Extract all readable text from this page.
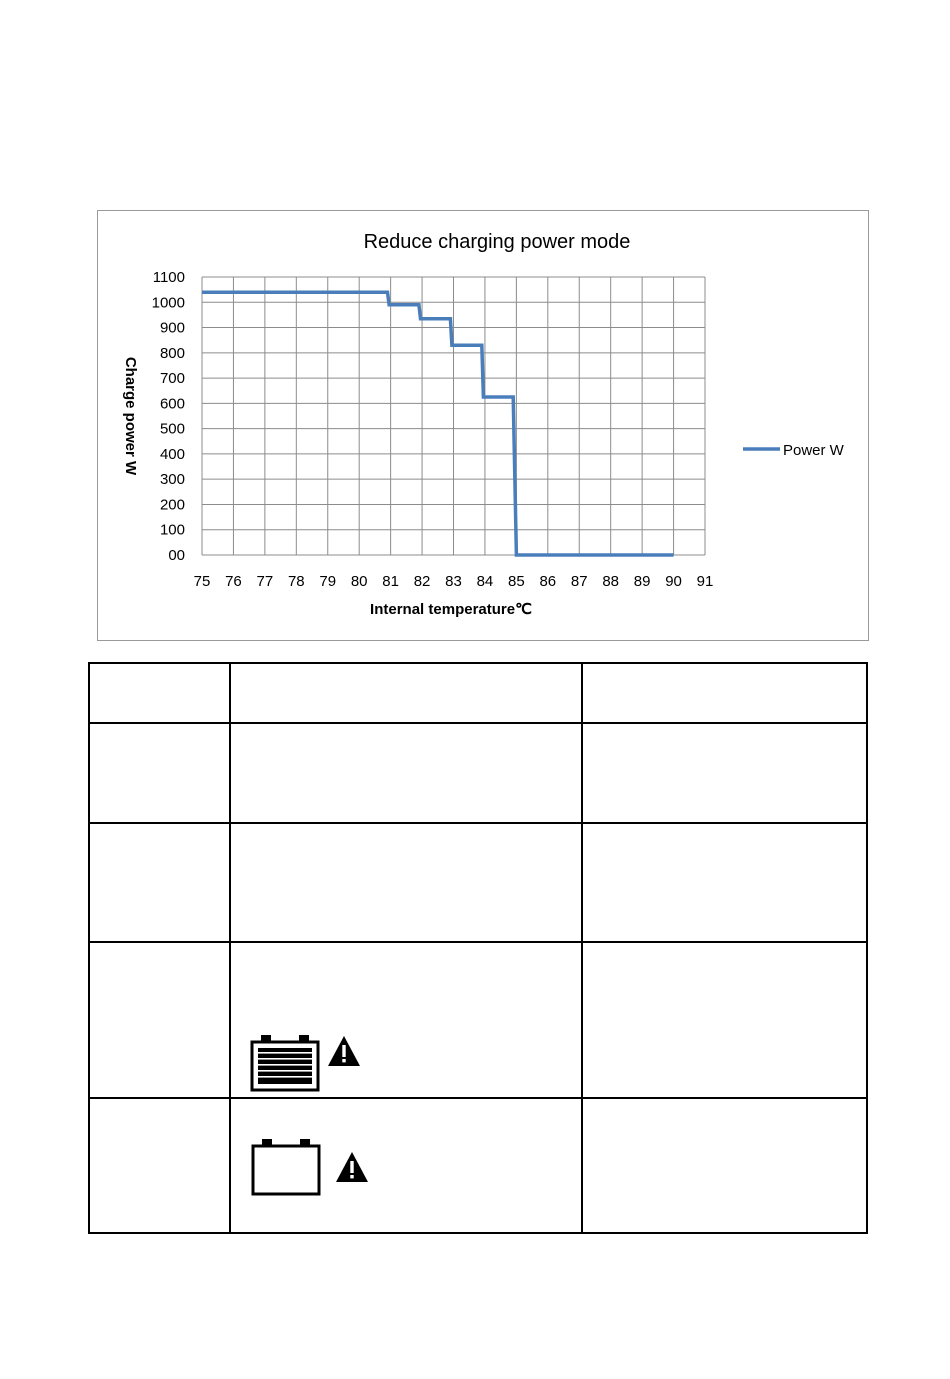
Reduce charging power mode
1100
1000
900
800
700
600
500
400
300
200
100
00
75 76 77 78 79 80 81 82 83 84 85 86 87 88 89 90 91
Charge power W
Internal temperature℃
Power W
